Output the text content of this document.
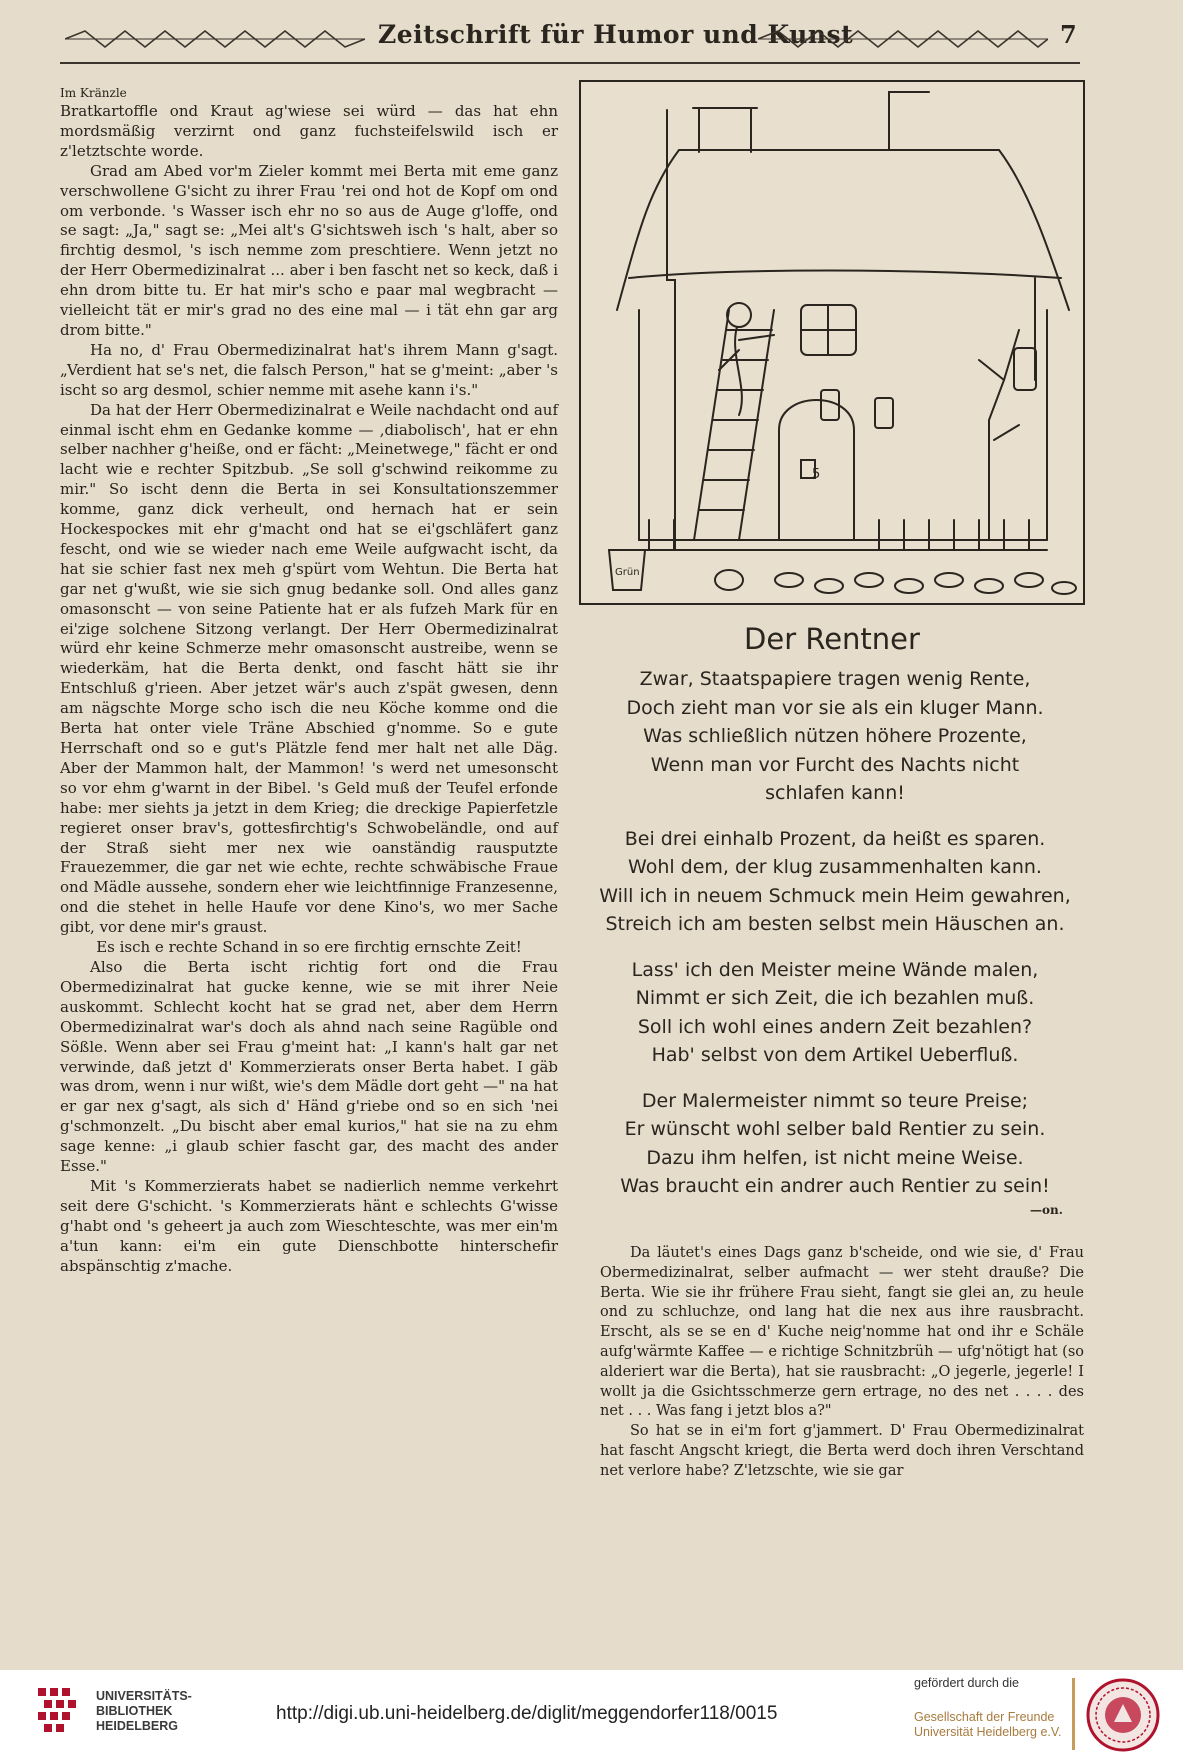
Zeitschrift für Humor und Kunst	7

Im Kränzle

Bratkartoffle ond Kraut ag'wiese sei würd — das hat ehn mordsmäßig verzirnt ond ganz fuchsteifelswild isch er z'letztschte worde.

Grad am Abed vor'm Zieler kommt mei Berta mit eme ganz verschwollene G'sicht zu ihrer Frau 'rei ond hot de Kopf om ond om verbonde. 's Wasser isch ehr no so aus de Auge g'loffe, ond se sagt: „Ja," sagt se: „Mei alt's G'sichtsweh isch 's halt, aber so firchtig desmol, 's isch nemme zom preschtiere. Wenn jetzt no der Herr Obermedizinalrat ... aber i ben fascht net so keck, daß i ehn drom bitte tu. Er hat mir's scho e paar mal wegbracht — vielleicht tät er mir's grad no des eine mal — i tät ehn gar arg drom bitte."

Ha no, d' Frau Obermedizinalrat hat's ihrem Mann g'sagt. „Verdient hat se's net, die falsch Person," hat se g'meint: „aber 's ischt so arg desmol, schier nemme mit asehe kann i's."

Da hat der Herr Obermedizinalrat e Weile nachdacht ond auf einmal ischt ehm en Gedanke komme — ‚diabolisch', hat er ehn selber nachher g'heiße, ond er fächt: „Meinetwege," fächt er ond lacht wie e rechter Spitzbub. „Se soll g'schwind reikomme zu mir." So ischt denn die Berta in sei Konsultationszemmer komme, ganz dick verheult, ond hernach hat er sein Hockespockes mit ehr g'macht ond hat se ei'gschläfert ganz fescht, ond wie se wieder nach eme Weile aufgwacht ischt, da hat sie schier fast nex meh g'spürt vom Wehtun. Die Berta hat gar net g'wußt, wie sie sich gnug bedanke soll. Ond alles ganz omasonscht — von seine Patiente hat er als fufzeh Mark für en ei'zige solchene Sitzong verlangt. Der Herr Obermedizinalrat würd ehr keine Schmerze mehr omasonscht austreibe, wenn se wiederkäm, hat die Berta denkt, ond fascht hätt sie ihr Entschluß g'rieen. Aber jetzet wär's auch z'spät gwesen, denn am nägschte Morge scho isch die neu Köche komme ond die Berta hat onter viele Träne Abschied g'nomme. So e gute Herrschaft ond so e gut's Plätzle fend mer halt net alle Däg. Aber der Mammon halt, der Mammon! 's werd net umesonscht so vor ehm g'warnt in der Bibel. 's Geld muß der Teufel erfonde habe: mer siehts ja jetzt in dem Krieg; die dreckige Papierfetzle regieret onser brav's, gottesfirchtig's Schwobeländle, ond auf der Straß sieht mer nex wie oanständig rausputzte Frauezemmer, die gar net wie echte, rechte schwäbische Fraue ond Mädle aussehe, sondern eher wie leichtfinnige Franzesenne, ond die stehet in helle Haufe vor dene Kino's, wo mer Sache gibt, vor dene mir's graust.

Es isch e rechte Schand in so ere firchtig ernschte Zeit!

Also die Berta ischt richtig fort ond die Frau Obermedizinalrat hat gucke kenne, wie se mit ihrer Neie auskommt. Schlecht kocht hat se grad net, aber dem Herrn Obermedizinalrat war's doch als ahnd nach seine Ragüble ond Sößle. Wenn aber sei Frau g'meint hat: „I kann's halt gar net verwinde, daß jetzt d' Kommerzierats onser Berta habet. I gäb was drom, wenn i nur wißt, wie's dem Mädle dort geht —" na hat er gar nex g'sagt, als sich d' Händ g'riebe ond so en sich 'nei g'schmonzelt. „Du bischt aber emal kurios," hat sie na zu ehm sage kenne: „i glaub schier fascht gar, des macht des ander Esse."

Mit 's Kommerzierats habet se nadierlich nemme verkehrt seit dere G'schicht. 's Kommerzierats hänt e schlechts G'wisse g'habt ond 's geheert ja auch zom Wieschteschte, was mer ein'm a'tun kann: ei'm ein gute Dienschbotte hinterschefir abspänschtig z'mache.

5
Grün
Der Rentner
Zwar, Staatspapiere tragen wenig Rente,
Doch zieht man vor sie als ein kluger Mann.
Was schließlich nützen höhere Prozente,
Wenn man vor Furcht des Nachts nicht
schlafen kann!
Bei drei einhalb Prozent, da heißt es sparen.
Wohl dem, der klug zusammenhalten kann.
Will ich in neuem Schmuck mein Heim gewahren,
Streich ich am besten selbst mein Häuschen an.
Lass' ich den Meister meine Wände malen,
Nimmt er sich Zeit, die ich bezahlen muß.
Soll ich wohl eines andern Zeit bezahlen?
Hab' selbst von dem Artikel Ueberfluß.
Der Malermeister nimmt so teure Preise;
Er wünscht wohl selber bald Rentier zu sein.
Dazu ihm helfen, ist nicht meine Weise.
Was braucht ein andrer auch Rentier zu sein!
—on.

Da läutet's eines Dags ganz b'scheide, ond wie sie, d' Frau Obermedizinalrat, selber aufmacht — wer steht drauße? Die Berta. Wie sie ihr frühere Frau sieht, fangt sie glei an, zu heule ond zu schluchze, ond lang hat die nex aus ihre rausbracht. Erscht, als se se en d' Kuche neig'nomme hat ond ihr e Schäle aufg'wärmte Kaffee — e richtige Schnitzbrüh — ufg'nötigt hat (so alderiert war die Berta), hat sie rausbracht: „O jegerle, jegerle! I wollt ja die Gsichtsschmerze gern ertrage, no des net . . . . des net . . . Was fang i jetzt blos a?"

So hat se in ei'm fort g'jammert. D' Frau Obermedizinalrat hat fascht Angscht kriegt, die Berta werd doch ihren Verschtand net verlore habe? Z'letzschte, wie sie gar

UNIVERSITÄTS-
BIBLIOTHEK
HEIDELBERG
http://digi.ub.uni-heidelberg.de/diglit/meggendorfer118/0015
gefördert durch die
Gesellschaft der Freunde
Universität Heidelberg e.V.
